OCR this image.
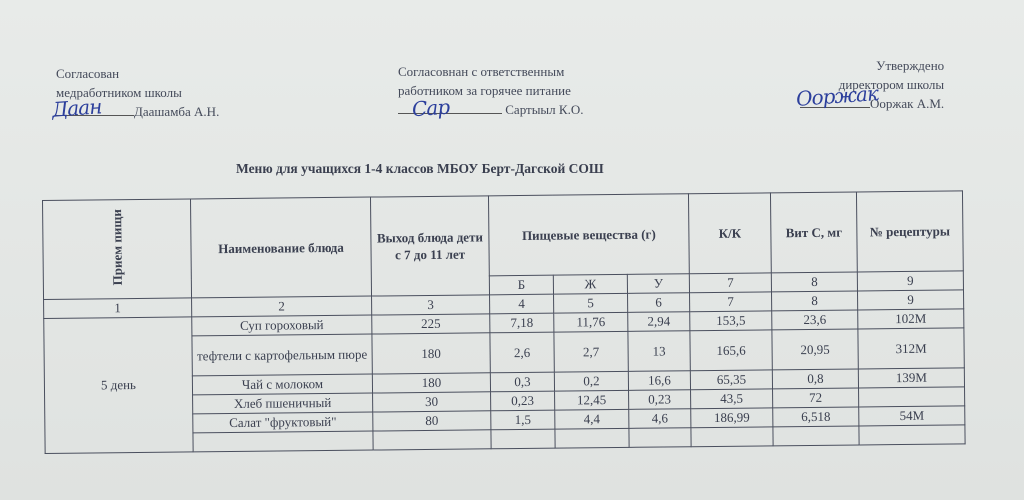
Согласован
медработником школы
Даашамба А.Н.
Даан
Согласовнан с ответственным
работником за горячее питание
Сартыыл К.О.
Сар
Утверждено
директором школы
Ооржак А.М.
Ооржак
Меню для учащихся 1-4 классов МБОУ Берт-Дагской СОШ
Прием пищи	Наименование блюда	Выход блюда дети с 7 до 11 лет	Пищевые вещества (г)			К/К	Вит С, мг	№ рецептуры
			Б	Ж	У	7	8	9
1	2	3	4	5	6	7	8	9
5 день	Суп гороховый	225	7,18	11,76	2,94	153,5	23,6	102М
	тефтели с картофельным пюре	180	2,6	2,7	13	165,6	20,95	312М
	Чай с молоком	180	0,3	0,2	16,6	65,35	0,8	139М
	Хлеб пшеничный	30	0,23	12,45	0,23	43,5	72	
	Салат "фруктовый"	80	1,5	4,4	4,6	186,99	6,518	54М
